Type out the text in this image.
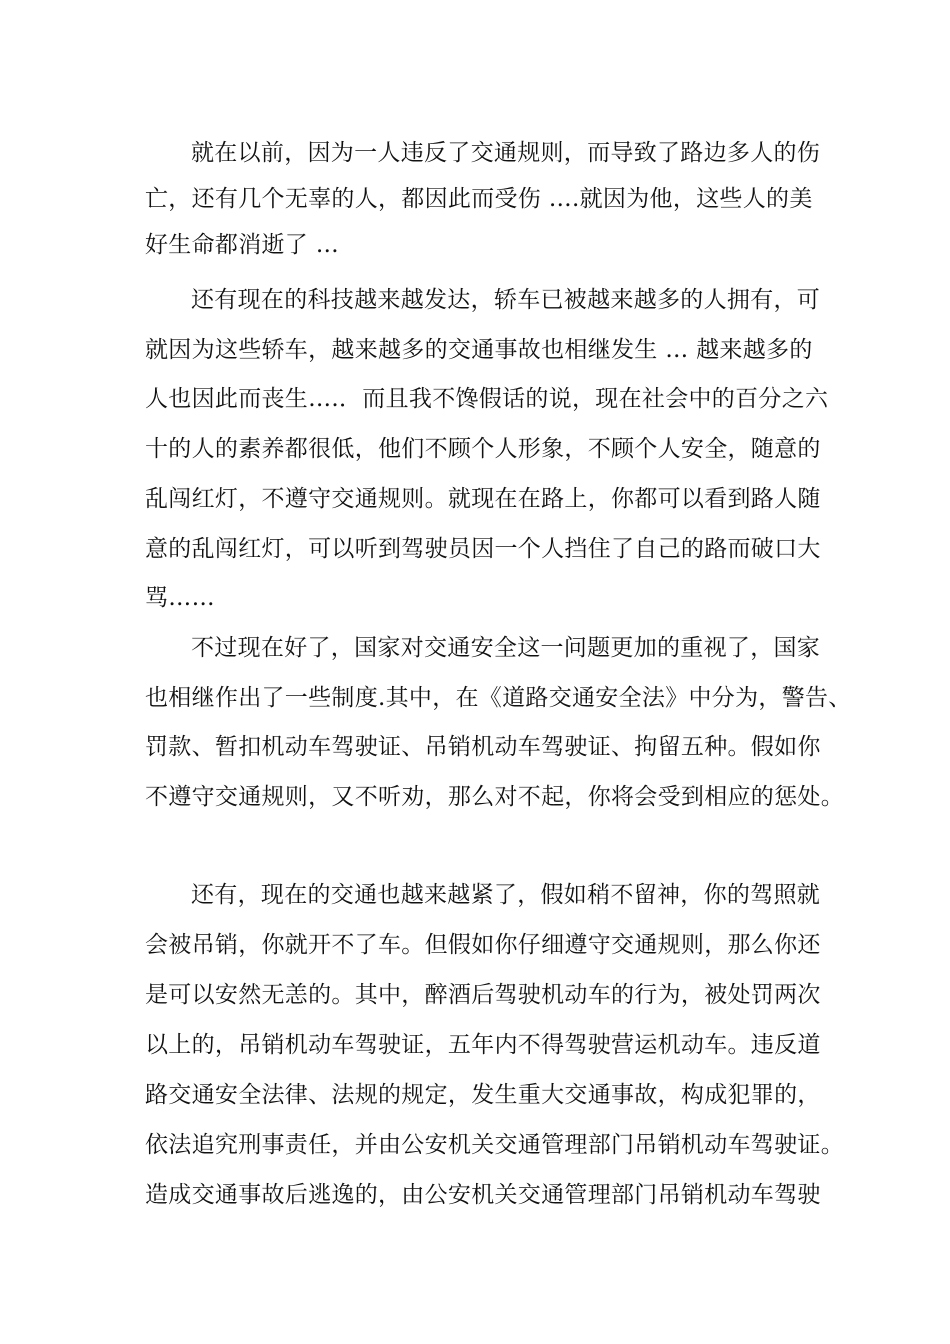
就在以前，因为一人违反了交通规则，而导致了路边多人的伤
亡，还有几个无辜的人，都因此而受伤 ….就因为他，这些人的美
好生命都消逝了 …
还有现在的科技越来越发达，轿车已被越来越多的人拥有，可
就因为这些轿车，越来越多的交通事故也相继发生 … 越来越多的
人也因此而丧生….．而且我不馋假话的说，现在社会中的百分之六
十的人的素养都很低，他们不顾个人形象，不顾个人安全，随意的
乱闯红灯，不遵守交通规则。就现在在路上，你都可以看到路人随
意的乱闯红灯，可以听到驾驶员因一个人挡住了自己的路而破口大
骂……
不过现在好了，国家对交通安全这一问题更加的重视了，国家
也相继作出了一些制度.其中，在《道路交通安全法》中分为，警告、
罚款、暂扣机动车驾驶证、吊销机动车驾驶证、拘留五种。假如你
不遵守交通规则，又不听劝，那么对不起，你将会受到相应的惩处。
还有，现在的交通也越来越紧了，假如稍不留神，你的驾照就
会被吊销，你就开不了车。但假如你仔细遵守交通规则，那么你还
是可以安然无恙的。其中，醉酒后驾驶机动车的行为，被处罚两次
以上的，吊销机动车驾驶证，五年内不得驾驶营运机动车。违反道
路交通安全法律、法规的规定，发生重大交通事故，构成犯罪的，
依法追究刑事责任，并由公安机关交通管理部门吊销机动车驾驶证。
造成交通事故后逃逸的，由公安机关交通管理部门吊销机动车驾驶
